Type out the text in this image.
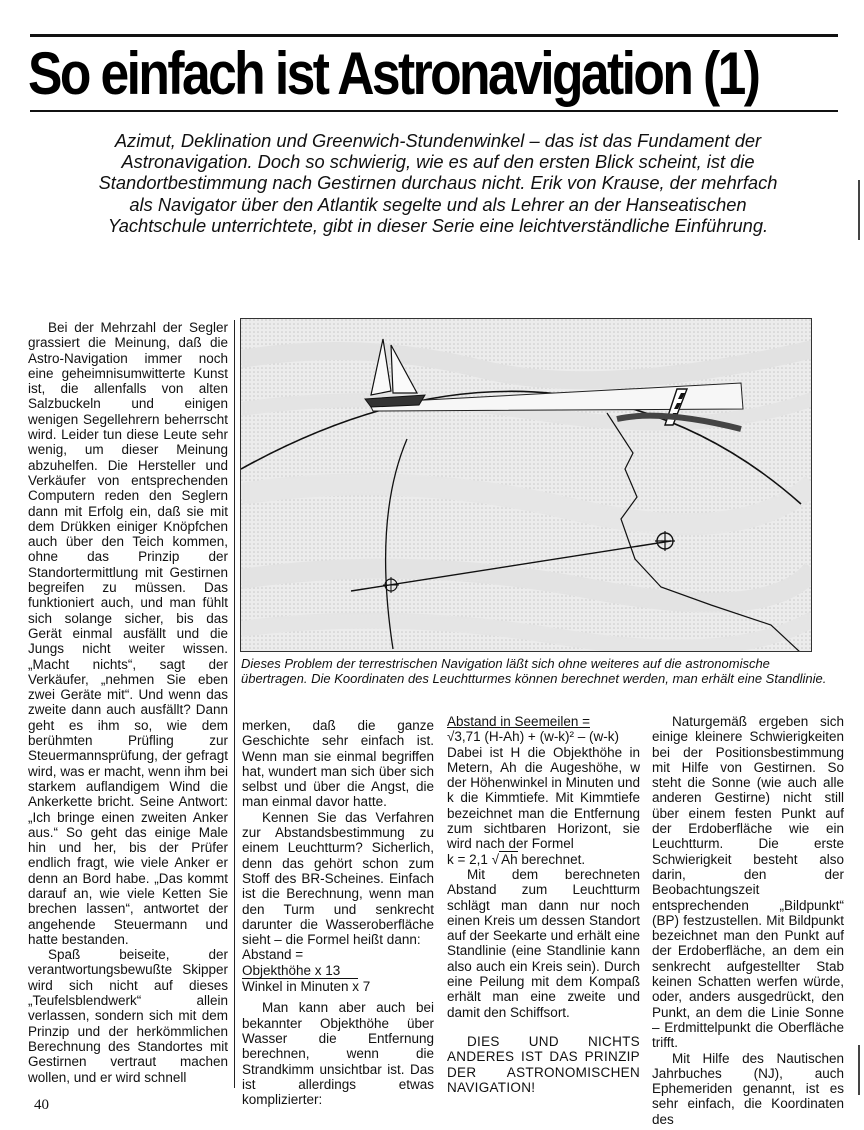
So einfach ist Astronavigation (1)

Azimut, Deklination und Greenwich-Stundenwinkel – das ist das Fundament der Astronavigation. Doch so schwierig, wie es auf den ersten Blick scheint, ist die Standortbestimmung nach Gestirnen durchaus nicht. Erik von Krause, der mehrfach als Navigator über den Atlantik segelte und als Lehrer an der Hanseatischen Yachtschule unterrichtete, gibt in dieser Serie eine leichtverständliche Einführung.

Bei der Mehrzahl der Segler grassiert die Meinung, daß die Astro-Navigation immer noch eine geheimnisumwitterte Kunst ist, die allenfalls von alten Salzbuckeln und einigen wenigen Segellehrern beherrscht wird. Leider tun diese Leute sehr wenig, um dieser Meinung abzuhelfen. Die Hersteller und Verkäufer von entsprechenden Computern reden den Seglern dann mit Erfolg ein, daß sie mit dem Drükken einiger Knöpfchen auch über den Teich kommen, ohne das Prinzip der Standortermittlung mit Gestirnen begreifen zu müssen. Das funktioniert auch, und man fühlt sich solange sicher, bis das Gerät einmal ausfällt und die Jungs nicht weiter wissen. „Macht nichts“, sagt der Verkäufer, „nehmen Sie eben zwei Geräte mit“. Und wenn das zweite dann auch ausfällt? Dann geht es ihm so, wie dem berühmten Prüfling zur Steuermannsprüfung, der gefragt wird, was er macht, wenn ihm bei starkem auflandigem Wind die Ankerkette bricht. Seine Antwort: „Ich bringe einen zweiten Anker aus.“ So geht das einige Male hin und her, bis der Prüfer endlich fragt, wie viele Anker er denn an Bord habe. „Das kommt darauf an, wie viele Ketten Sie brechen lassen“, antwortet der angehende Steuermann und hatte bestanden.

Spaß beiseite, der verantwortungsbewußte Skipper wird sich nicht auf dieses „Teufelsblendwerk“ allein verlassen, sondern sich mit dem Prinzip und der herkömmlichen Berechnung des Standortes mit Gestirnen vertraut machen wollen, und er wird schnell

Dieses Problem der terrestrischen Navigation läßt sich ohne weiteres auf die astronomische übertragen. Die Koordinaten des Leuchtturmes können berechnet werden, man erhält eine Standlinie.

merken, daß die ganze Geschichte sehr einfach ist. Wenn man sie einmal begriffen hat, wundert man sich über sich selbst und über die Angst, die man einmal davor hatte.

Kennen Sie das Verfahren zur Abstandsbestimmung zu einem Leuchtturm? Sicherlich, denn das gehört schon zum Stoff des BR-Scheines. Einfach ist die Berechnung, wenn man den Turm und senkrecht darunter die Wasseroberfläche sieht – die Formel heißt dann:

Abstand =

Objekthöhe x 13

Winkel in Minuten x 7

Man kann aber auch bei bekannter Objekthöhe über Wasser die Entfernung berechnen, wenn die Strandkimm unsichtbar ist. Das ist allerdings etwas komplizierter:

Abstand in Seemeilen =

√3,71 (H-Ah) + (w-k)² – (w-k)

Dabei ist H die Objekthöhe in Metern, Ah die Augeshöhe, w der Höhenwinkel in Minuten und k die Kimmtiefe. Mit Kimmtiefe bezeichnet man die Entfernung zum sichtbaren Horizont, sie wird nach der Formel

k = 2,1 √ Ah berechnet.

Mit dem berechneten Abstand zum Leuchtturm schlägt man dann nur noch einen Kreis um dessen Standort auf der Seekarte und erhält eine Standlinie (eine Standlinie kann also auch ein Kreis sein). Durch eine Peilung mit dem Kompaß erhält man eine zweite und damit den Schiffsort.

DIES UND NICHTS ANDERES IST DAS PRINZIP DER ASTRONOMISCHEN NAVIGATION!

Naturgemäß ergeben sich einige kleinere Schwierigkeiten bei der Positionsbestimmung mit Hilfe von Gestirnen. So steht die Sonne (wie auch alle anderen Gestirne) nicht still über einem festen Punkt auf der Erdoberfläche wie ein Leuchtturm. Die erste Schwierigkeit besteht also darin, den der Beobachtungszeit entsprechenden „Bildpunkt“ (BP) festzustellen. Mit Bildpunkt bezeichnet man den Punkt auf der Erdoberfläche, an dem ein senkrecht aufgestellter Stab keinen Schatten werfen würde, oder, anders ausgedrückt, den Punkt, an dem die Linie Sonne – Erdmittelpunkt die Oberfläche trifft.

Mit Hilfe des Nautischen Jahrbuches (NJ), auch Ephemeriden genannt, ist es sehr einfach, die Koordinaten des

40
